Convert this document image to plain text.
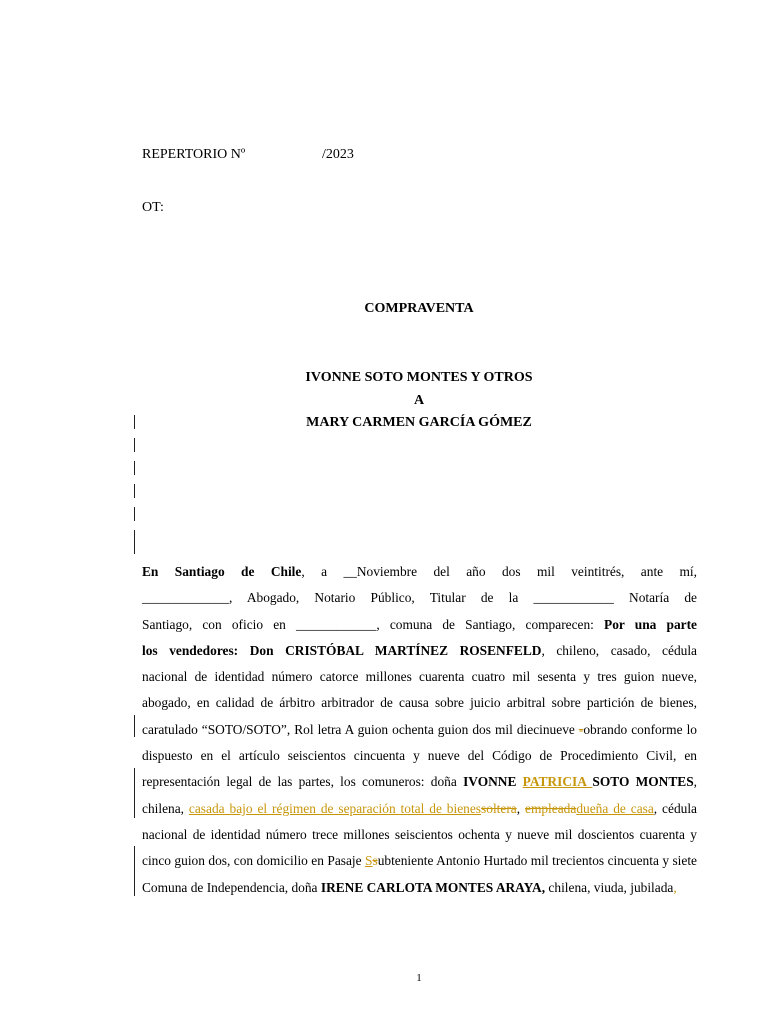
REPERTORIO Nº	/2023
OT:
COMPRAVENTA
IVONNE SOTO MONTES Y OTROS
A
MARY CARMEN GARCÍA GÓMEZ
En Santiago de Chile, a __Noviembre del año dos mil veintitrés, ante mí,
_____________, Abogado, Notario Público, Titular de la ____________ Notaría de
Santiago, con oficio en ____________, comuna de Santiago, comparecen: Por una parte
los vendedores: Don CRISTÓBAL MARTÍNEZ ROSENFELD, chileno, casado, cédula
nacional de identidad número catorce millones cuarenta cuatro mil sesenta y tres guion nueve,
abogado, en calidad de árbitro arbitrador de causa sobre juicio arbitral sobre partición de bienes,
caratulado “SOTO/SOTO”, Rol letra A guion ochenta guion dos mil diecinueve -obrando conforme lo
dispuesto en el artículo seiscientos cincuenta y nueve del Código de Procedimiento Civil, en
representación legal de las partes, los comuneros: doña IVONNE PATRICIA SOTO MONTES,
chilena, casada bajo el régimen de separación total de bienessoltera, empleadadueña de casa, cédula
nacional de identidad número trece millones seiscientos ochenta y nueve mil doscientos cuarenta y
cinco guion dos, con domicilio en Pasaje Ssubteniente Antonio Hurtado mil trecientos cincuenta y siete
Comuna de Independencia, doña IRENE CARLOTA MONTES ARAYA, chilena, viuda, jubilada,
1
